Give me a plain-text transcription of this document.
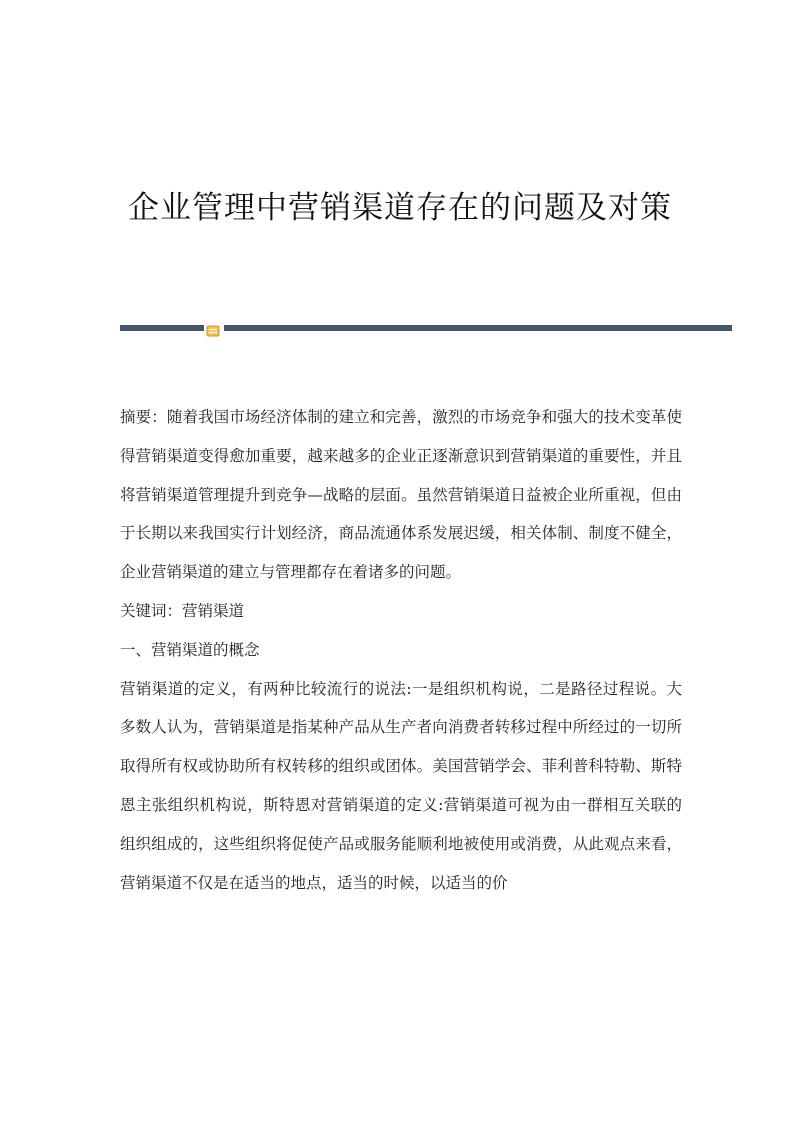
企业管理中营销渠道存在的问题及对策

摘要：随着我国市场经济体制的建立和完善，激烈的市场竞争和强大的技术变革使得营销渠道变得愈加重要，越来越多的企业正逐渐意识到营销渠道的重要性，并且将营销渠道管理提升到竞争—战略的层面。虽然营销渠道日益被企业所重视，但由于长期以来我国实行计划经济，商品流通体系发展迟缓，相关体制、制度不健全，企业营销渠道的建立与管理都存在着诸多的问题。

关键词：营销渠道

一、营销渠道的概念

营销渠道的定义，有两种比较流行的说法:一是组织机构说，二是路径过程说。大多数人认为，营销渠道是指某种产品从生产者向消费者转移过程中所经过的一切所取得所有权或协助所有权转移的组织或团体。美国营销学会、菲利普科特勒、斯特恩主张组织机构说，斯特恩对营销渠道的定义:营销渠道可视为由一群相互关联的组织组成的，这些组织将促使产品或服务能顺利地被使用或消费，从此观点来看，营销渠道不仅是在适当的地点，适当的时候，以适当的价
